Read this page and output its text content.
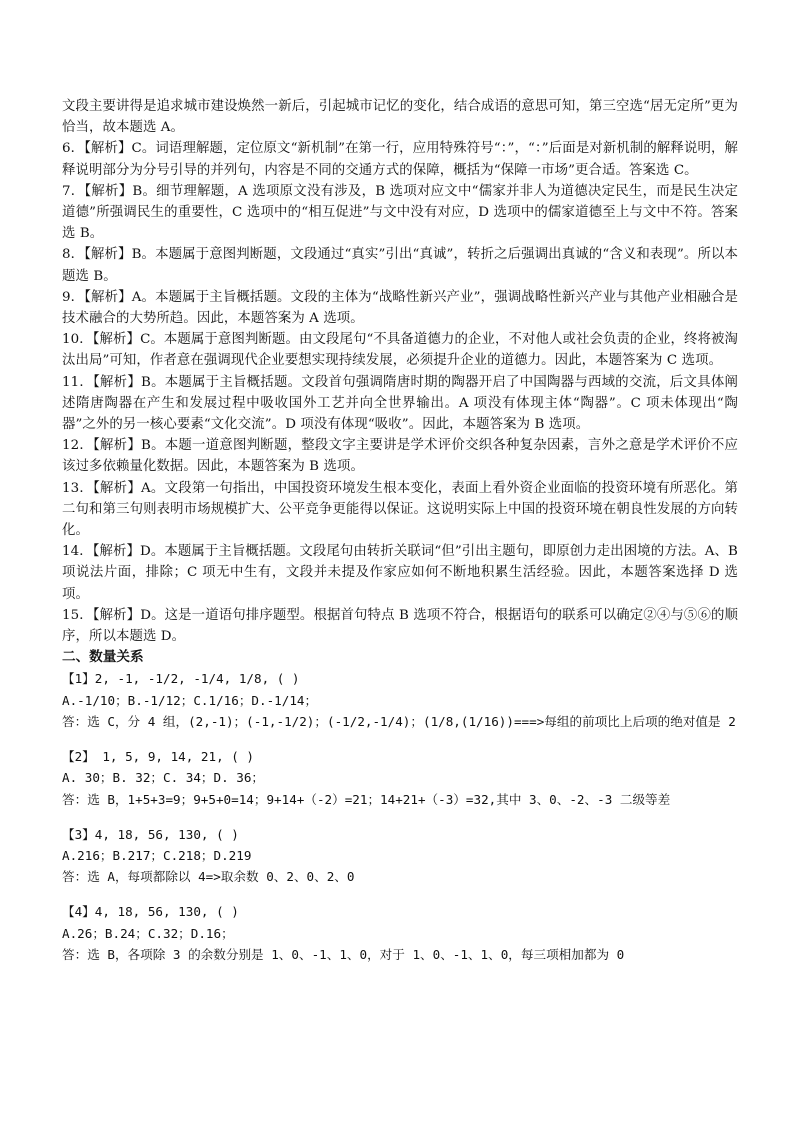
文段主要讲得是追求城市建设焕然一新后，引起城市记忆的变化，结合成语的意思可知，第三空选“居无定所”更为恰当，故本题选 A。

6．【解析】C。词语理解题，定位原文“新机制”在第一行，应用特殊符号“：”，“：”后面是对新机制的解释说明，解释说明部分为分号引导的并列句，内容是不同的交通方式的保障，概括为“保障一市场”更合适。答案选 C。

7．【解析】B。细节理解题，A 选项原文没有涉及，B 选项对应文中“儒家并非人为道德决定民生，而是民生决定道德”所强调民生的重要性，C 选项中的“相互促进”与文中没有对应，D 选项中的儒家道德至上与文中不符。答案选 B。

8．【解析】B。本题属于意图判断题，文段通过“真实”引出“真诚”，转折之后强调出真诚的“含义和表现”。所以本题选 B。

9．【解析】A。本题属于主旨概括题。文段的主体为“战略性新兴产业”，强调战略性新兴产业与其他产业相融合是技术融合的大势所趋。因此，本题答案为 A 选项。

10．【解析】C。本题属于意图判断题。由文段尾句“不具备道德力的企业，不对他人或社会负责的企业，终将被淘汰出局”可知，作者意在强调现代企业要想实现持续发展，必须提升企业的道德力。因此，本题答案为 C 选项。

11．【解析】B。本题属于主旨概括题。文段首句强调隋唐时期的陶器开启了中国陶器与西域的交流，后文具体阐述隋唐陶器在产生和发展过程中吸收国外工艺并向全世界输出。A 项没有体现主体“陶器”。C 项未体现出“陶器”之外的另一核心要素“文化交流”。D 项没有体现“吸收”。因此，本题答案为 B 选项。

12．【解析】B。本题一道意图判断题，整段文字主要讲是学术评价交织各种复杂因素，言外之意是学术评价不应该过多依赖量化数据。因此，本题答案为 B 选项。

13．【解析】A。文段第一句指出，中国投资环境发生根本变化，表面上看外资企业面临的投资环境有所恶化。第二句和第三句则表明市场规模扩大、公平竞争更能得以保证。这说明实际上中国的投资环境在朝良性发展的方向转化。

14．【解析】D。本题属于主旨概括题。文段尾句由转折关联词“但”引出主题句，即原创力走出困境的方法。A、B 项说法片面，排除；C 项无中生有，文段并未提及作家应如何不断地积累生活经验。因此，本题答案选择 D 选项。

15．【解析】D。这是一道语句排序题型。根据首句特点 B 选项不符合，根据语句的联系可以确定②④与⑤⑥的顺序，所以本题选 D。

二、数量关系

【1】2, -1, -1/2, -1/4, 1/8, ( )

A.-1/10；B.-1/12；C.1/16；D.-1/14；

答：选 C，分 4 组，(2,-1)；(-1,-1/2)；(-1/2,-1/4)；(1/8,(1/16))===>每组的前项比上后项的绝对值是 2

【2】 1, 5, 9, 14, 21, ( )

A. 30；B. 32；C. 34；D. 36；

答：选 B，1+5+3=9；9+5+0=14；9+14+（-2）=21；14+21+（-3）=32,其中 3、0、-2、-3 二级等差

【3】4, 18, 56, 130, ( )

A.216；B.217；C.218；D.219

答：选 A，每项都除以 4=>取余数 0、2、0、2、0

【4】4, 18, 56, 130, ( )

A.26；B.24；C.32；D.16；

答：选 B，各项除 3 的余数分别是 1、0、-1、1、0，对于 1、0、-1、1、0，每三项相加都为 0
